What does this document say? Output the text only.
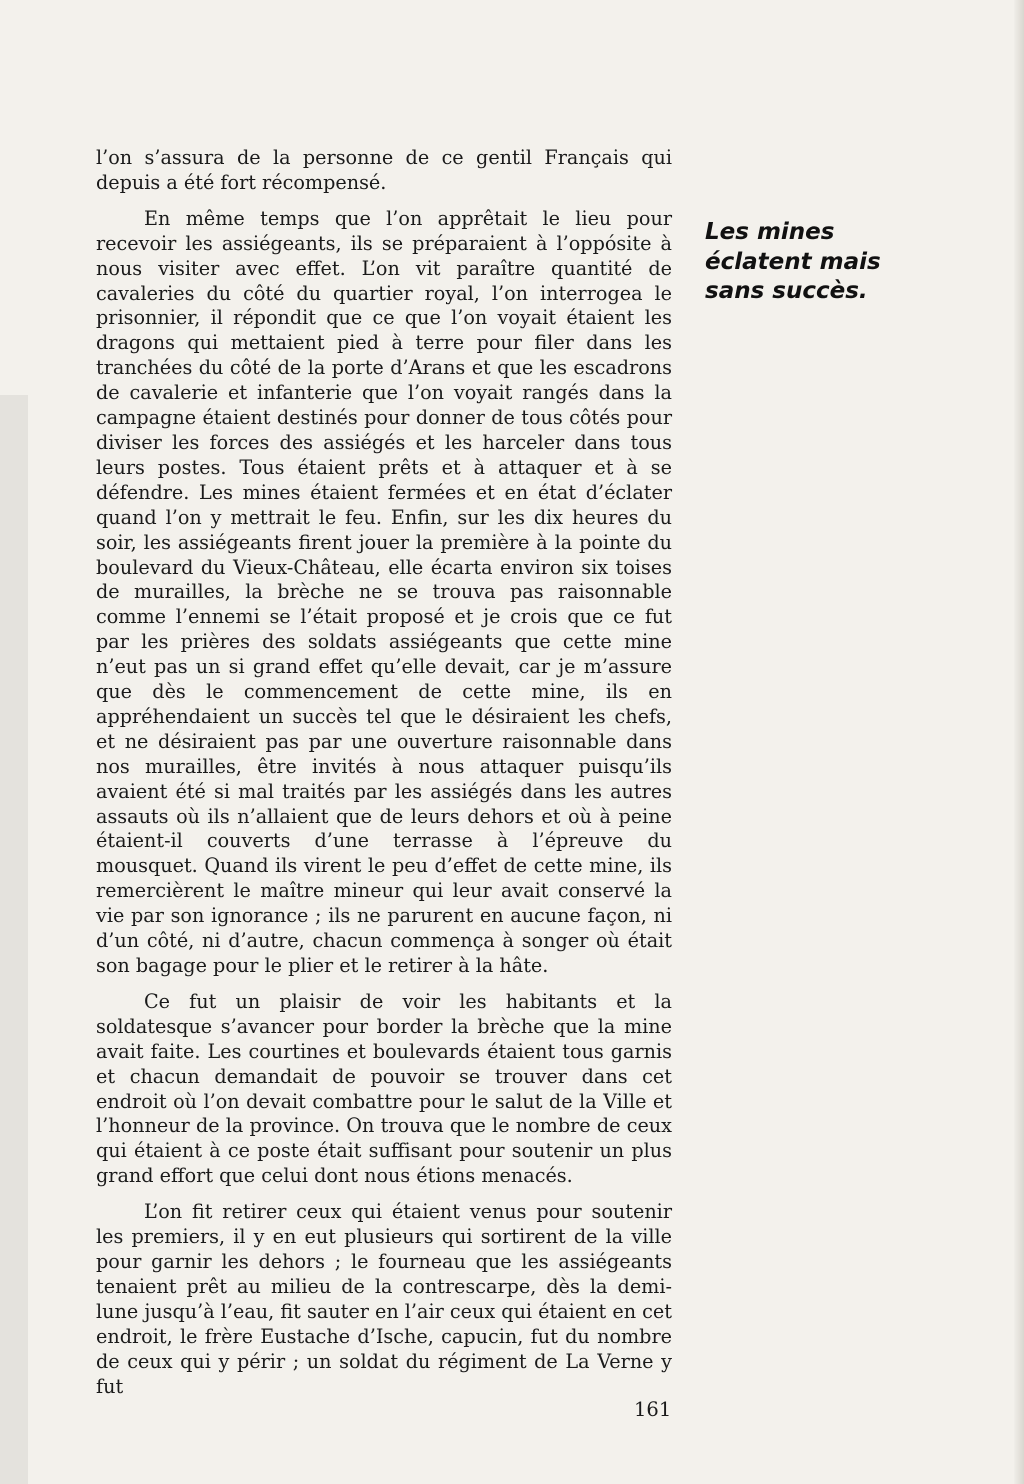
l’on s’assura de la personne de ce gentil Français qui depuis a été fort récompensé.

En même temps que l’on apprêtait le lieu pour recevoir les assiégeants, ils se préparaient à l’oppósite à nous visiter avec effet. L’on vit paraître quantité de cavaleries du côté du quartier royal, l’on interrogea le prisonnier, il répondit que ce que l’on voyait étaient les dragons qui mettaient pied à terre pour filer dans les tranchées du côté de la porte d’Arans et que les escadrons de cavalerie et infanterie que l’on voyait rangés dans la campagne étaient destinés pour donner de tous côtés pour diviser les forces des assiégés et les harceler dans tous leurs postes. Tous étaient prêts et à attaquer et à se défendre. Les mines étaient fermées et en état d’éclater quand l’on y mettrait le feu. Enfin, sur les dix heures du soir, les assiégeants firent jouer la première à la pointe du boulevard du Vieux-Château, elle écarta environ six toises de murailles, la brèche ne se trouva pas raisonnable comme l’ennemi se l’était proposé et je crois que ce fut par les prières des soldats assiégeants que cette mine n’eut pas un si grand effet qu’elle devait, car je m’assure que dès le commencement de cette mine, ils en appréhendaient un succès tel que le désiraient les chefs, et ne désiraient pas par une ouverture raisonnable dans nos murailles, être invités à nous attaquer puisqu’ils avaient été si mal traités par les assiégés dans les autres assauts où ils n’allaient que de leurs dehors et où à peine étaient-il couverts d’une terrasse à l’épreuve du mousquet. Quand ils virent le peu d’effet de cette mine, ils remercièrent le maître mineur qui leur avait conservé la vie par son ignorance ; ils ne parurent en aucune façon, ni d’un côté, ni d’autre, chacun commença à songer où était son bagage pour le plier et le retirer à la hâte.

Ce fut un plaisir de voir les habitants et la soldatesque s’avancer pour border la brèche que la mine avait faite. Les courtines et boulevards étaient tous garnis et chacun demandait de pouvoir se trouver dans cet endroit où l’on devait combattre pour le salut de la Ville et l’honneur de la province. On trouva que le nombre de ceux qui étaient à ce poste était suffisant pour soutenir un plus grand effort que celui dont nous étions menacés.

L’on fit retirer ceux qui étaient venus pour soutenir les premiers, il y en eut plusieurs qui sortirent de la ville pour garnir les dehors ; le fourneau que les assiégeants tenaient prêt au milieu de la contrescarpe, dès la demi-lune jusqu’à l’eau, fit sauter en l’air ceux qui étaient en cet endroit, le frère Eustache d’Ische, capucin, fut du nombre de ceux qui y périr ; un soldat du régiment de La Verne y fut

Les mines
éclatent mais
sans succès.
161
